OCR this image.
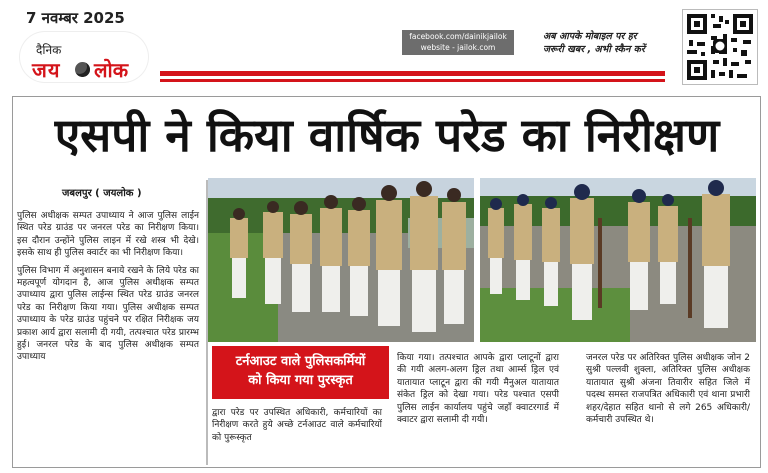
7 नवम्बर 2025
दैनिक
जय लोक
facebook.com/dainikjailok
website - jailok.com
अब आपके मोबाइल पर हर
जरूरी खबर , अभी स्कैन करें
एसपी ने किया वार्षिक परेड का निरीक्षण
जबलपुर ( जयलोक )

पुलिस अधीक्षक सम्पत उपाध्याय ने आज पुलिस लाईन स्थित परेड ग्राउंड पर जनरल परेड का निरीक्षण किया। इस दौरान उन्होंने पुलिस लाइन में रखे शस्त्र भी देखे। इसके साथ ही पुलिस क्वार्टर का भी निरीक्षण किया।

पुलिस विभाग में अनुशासन बनाये रखने के लिये परेड का महत्वपूर्ण योगदान है, आज पुलिस अधीक्षक सम्पत उपाध्याय द्वारा पुलिस लाईन्स स्थित परेड ग्राउंड जनरल परेड का निरीक्षण किया गया। पुलिस अधीक्षक सम्पत उपाध्याय के परेड ग्राउंड पहुंचने पर रक्षित निरीक्षक जय प्रकाश आर्य द्वारा सलामी दी गयी, तत्पश्चात परेड प्रारम्भ हुई। जनरल परेड के बाद पुलिस अधीक्षक सम्पत उपाध्याय	टर्नआउट वाले पुलिसकर्मियों
को किया गया पुरस्कृत
द्वारा परेड पर उपस्थित अधिकारी, कर्मचारियों का निरीक्षण करते हुये अच्छे टर्नआउट वाले कर्मचारियों को पुरूस्कृत
किया गया। तत्पश्चात आपके द्वारा प्लाटूनों द्वारा की गयी अलग-अलग ड्रिल तथा आर्म्स ड्रिल एवं यातायात प्लाटून द्वारा की गयी मैनुअल यातायात संकेत ड्रिल को देखा गया। परेड पश्चात एसपी पुलिस लाईन कार्यालय पहुंचे जहाँ क्वाटरगार्ड में क्वाटर द्वारा सलामी दी गयी।
जनरल परेड पर अतिरिक्त पुलिस अधीक्षक जोन 2 सुश्री पल्लवी शुक्ला, अतिरिक्त पुलिस अधीक्षक यातायात सुश्री अंजना तिवारीर सहित जिले में पदस्थ समस्त राजपत्रित अधिकारी एवं थाना प्रभारी शहर/देहात सहित थानो से लगे 265 अधिकारी/कर्मचारी उपस्थित थे।
